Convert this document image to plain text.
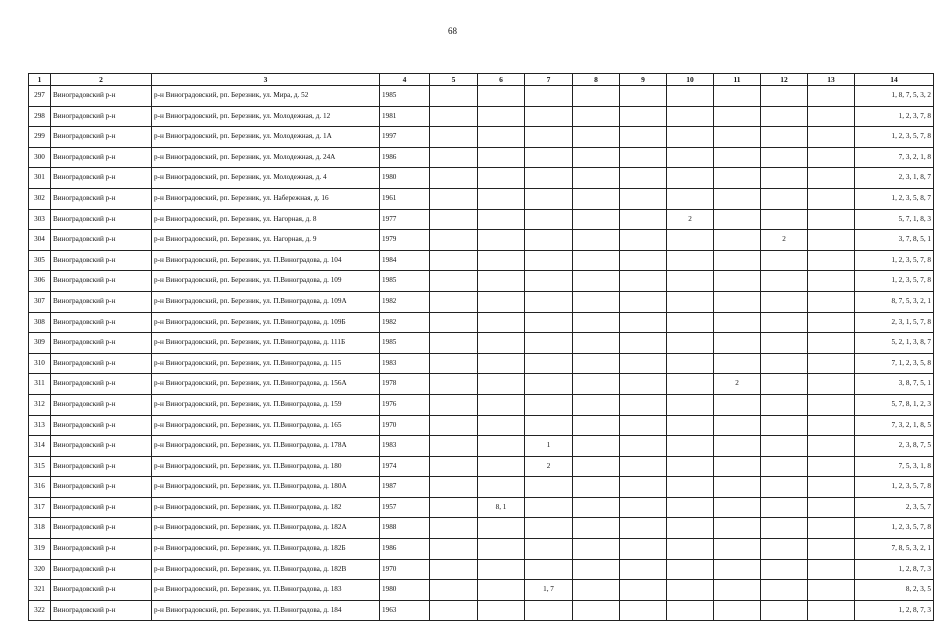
68
1	2	3	4	5	6	7	8	9	10	11	12	13	14
297	Виноградовский р-н	р-н Виноградовский, рп. Березник, ул. Мира, д. 52	1985										1, 8, 7, 5, 3, 2
298	Виноградовский р-н	р-н Виноградовский, рп. Березник, ул. Молодежная, д. 12	1981										1, 2, 3, 7, 8
299	Виноградовский р-н	р-н Виноградовский, рп. Березник, ул. Молодежная, д. 1А	1997										1, 2, 3, 5, 7, 8
300	Виноградовский р-н	р-н Виноградовский, рп. Березник, ул. Молодежная, д. 24А	1986										7, 3, 2, 1, 8
301	Виноградовский р-н	р-н Виноградовский, рп. Березник, ул. Молодежная, д. 4	1980										2, 3, 1, 8, 7
302	Виноградовский р-н	р-н Виноградовский, рп. Березник, ул. Набережная, д. 16	1961										1, 2, 3, 5, 8, 7
303	Виноградовский р-н	р-н Виноградовский, рп. Березник, ул. Нагорная, д. 8	1977						2				5, 7, 1, 8, 3
304	Виноградовский р-н	р-н Виноградовский, рп. Березник, ул. Нагорная, д. 9	1979								2		3, 7, 8, 5, 1
305	Виноградовский р-н	р-н Виноградовский, рп. Березник, ул. П.Виноградова, д. 104	1984										1, 2, 3, 5, 7, 8
306	Виноградовский р-н	р-н Виноградовский, рп. Березник, ул. П.Виноградова, д. 109	1985										1, 2, 3, 5, 7, 8
307	Виноградовский р-н	р-н Виноградовский, рп. Березник, ул. П.Виноградова, д. 109А	1982										8, 7, 5, 3, 2, 1
308	Виноградовский р-н	р-н Виноградовский, рп. Березник, ул. П.Виноградова, д. 109Б	1982										2, 3, 1, 5, 7, 8
309	Виноградовский р-н	р-н Виноградовский, рп. Березник, ул. П.Виноградова, д. 111Б	1985										5, 2, 1, 3, 8, 7
310	Виноградовский р-н	р-н Виноградовский, рп. Березник, ул. П.Виноградова, д. 115	1983										7, 1, 2, 3, 5, 8
311	Виноградовский р-н	р-н Виноградовский, рп. Березник, ул. П.Виноградова, д. 156А	1978							2			3, 8, 7, 5, 1
312	Виноградовский р-н	р-н Виноградовский, рп. Березник, ул. П.Виноградова, д. 159	1976										5, 7, 8, 1, 2, 3
313	Виноградовский р-н	р-н Виноградовский, рп. Березник, ул. П.Виноградова, д. 165	1970										7, 3, 2, 1, 8, 5
314	Виноградовский р-н	р-н Виноградовский, рп. Березник, ул. П.Виноградова, д. 178А	1983			1							2, 3, 8, 7, 5
315	Виноградовский р-н	р-н Виноградовский, рп. Березник, ул. П.Виноградова, д. 180	1974			2							7, 5, 3, 1, 8
316	Виноградовский р-н	р-н Виноградовский, рп. Березник, ул. П.Виноградова, д. 180А	1987										1, 2, 3, 5, 7, 8
317	Виноградовский р-н	р-н Виноградовский, рп. Березник, ул. П.Виноградова, д. 182	1957		8, 1								2, 3, 5, 7
318	Виноградовский р-н	р-н Виноградовский, рп. Березник, ул. П.Виноградова, д. 182А	1988										1, 2, 3, 5, 7, 8
319	Виноградовский р-н	р-н Виноградовский, рп. Березник, ул. П.Виноградова, д. 182Б	1986										7, 8, 5, 3, 2, 1
320	Виноградовский р-н	р-н Виноградовский, рп. Березник, ул. П.Виноградова, д. 182В	1970										1, 2, 8, 7, 3
321	Виноградовский р-н	р-н Виноградовский, рп. Березник, ул. П.Виноградова, д. 183	1980			1, 7							8, 2, 3, 5
322	Виноградовский р-н	р-н Виноградовский, рп. Березник, ул. П.Виноградова, д. 184	1963										1, 2, 8, 7, 3
